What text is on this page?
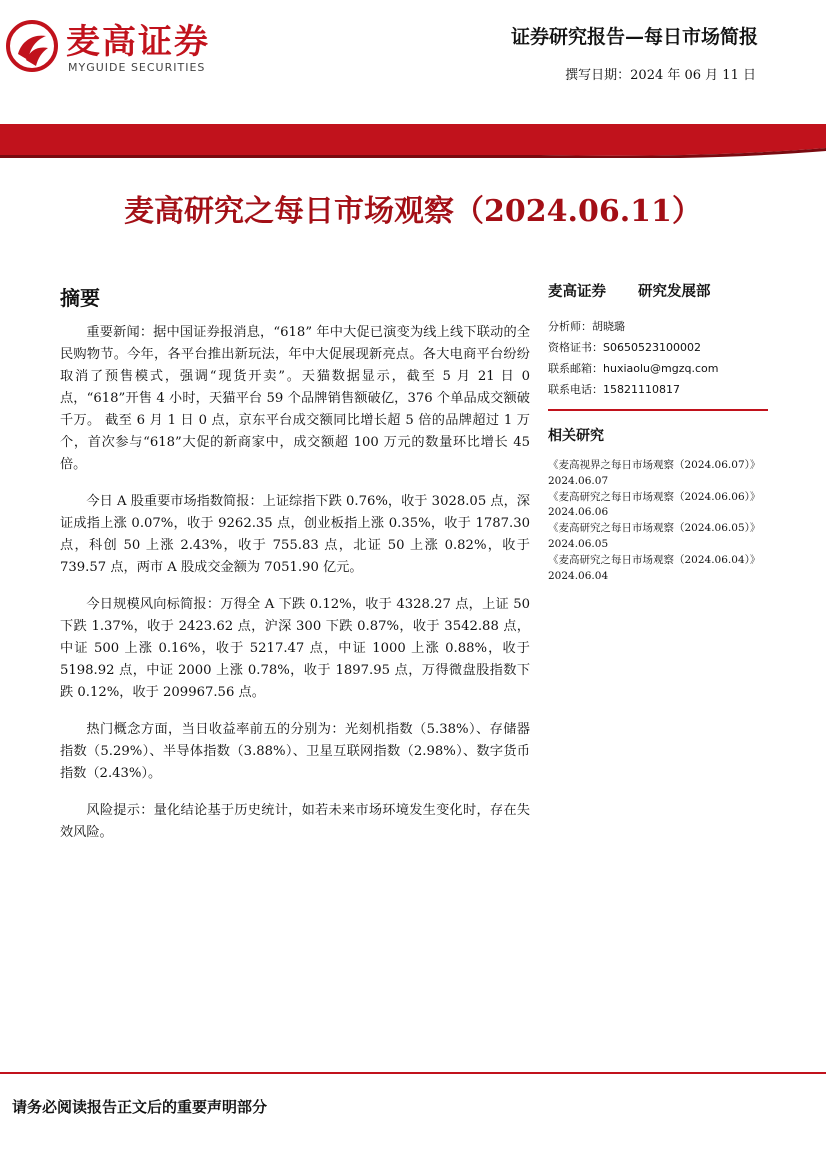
麦高证券
MYGUIDE SECURITIES
证券研究报告—每日市场简报
撰写日期：2024 年 06 月 11 日
麦高研究之每日市场观察（2024.06.11）
摘要

重要新闻：据中国证券报消息，“618” 年中大促已演变为线上线下联动的全民购物节。今年，各平台推出新玩法，年中大促展现新亮点。各大电商平台纷纷取消了预售模式，强调“现货开卖”。天猫数据显示，截至 5 月 21 日 0 点，“618”开售 4 小时，天猫平台 59 个品牌销售额破亿，376 个单品成交额破千万。 截至 6 月 1 日 0 点，京东平台成交额同比增长超 5 倍的品牌超过 1 万个，首次参与“618”大促的新商家中，成交额超 100 万元的数量环比增长 45 倍。

今日 A 股重要市场指数简报：上证综指下跌 0.76%，收于 3028.05 点，深证成指上涨 0.07%，收于 9262.35 点，创业板指上涨 0.35%，收于 1787.30 点，科创 50 上涨 2.43%，收于 755.83 点，北证 50 上涨 0.82%，收于 739.57 点，两市 A 股成交金额为 7051.90 亿元。

今日规模风向标简报：万得全 A 下跌 0.12%，收于 4328.27 点，上证 50 下跌 1.37%，收于 2423.62 点，沪深 300 下跌 0.87%，收于 3542.88 点，中证 500 上涨 0.16%，收于 5217.47 点，中证 1000 上涨 0.88%，收于 5198.92 点，中证 2000 上涨 0.78%，收于 1897.95 点，万得微盘股指数下跌 0.12%，收于 209967.56 点。

热门概念方面，当日收益率前五的分别为：光刻机指数（5.38%）、存储器指数（5.29%）、半导体指数（3.88%）、卫星互联网指数（2.98%）、数字货币指数（2.43%）。

风险提示：量化结论基于历史统计，如若未来市场环境发生变化时，存在失效风险。

麦高证券 研究发展部
分析师：胡晓璐
资格证书：S0650523100002
联系邮箱：huxiaolu@mgzq.com
联系电话：15821110817
相关研究
《麦高视界之每日市场观察（2024.06.07）》2024.06.07
《麦高研究之每日市场观察（2024.06.06）》2024.06.06
《麦高研究之每日市场观察（2024.06.05）》2024.06.05
《麦高研究之每日市场观察（2024.06.04）》2024.06.04
请务必阅读报告正文后的重要声明部分
